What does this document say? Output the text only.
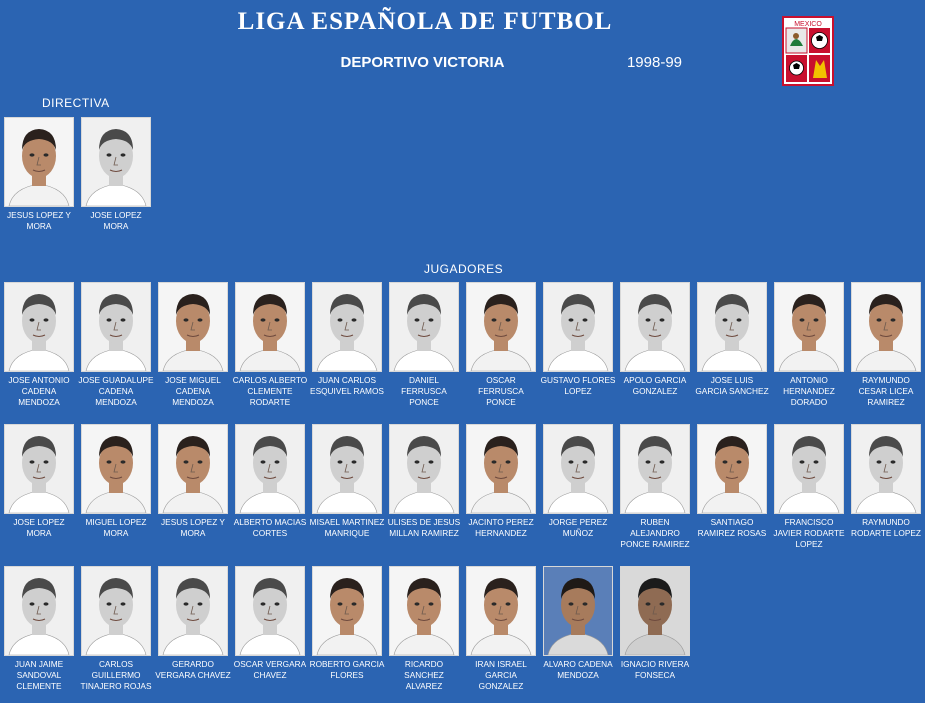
LIGA ESPAÑOLA DE FUTBOL
DEPORTIVO VICTORIA	1998-99
MEXICO
DIRECTIVA
JUGADORES
JESUS LOPEZ Y MORA
JOSE LOPEZ MORA
JOSE ANTONIO CADENA MENDOZA
JOSE GUADALUPE CADENA MENDOZA
JOSE MIGUEL CADENA MENDOZA
CARLOS ALBERTO CLEMENTE RODARTE
JUAN CARLOS ESQUIVEL RAMOS
DANIEL FERRUSCA PONCE
OSCAR FERRUSCA PONCE
GUSTAVO FLORES LOPEZ
APOLO GARCIA GONZALEZ
JOSE LUIS GARCIA SANCHEZ
ANTONIO HERNANDEZ DORADO
RAYMUNDO CESAR LICEA RAMIREZ
JOSE LOPEZ MORA
MIGUEL LOPEZ MORA
JESUS LOPEZ Y MORA
ALBERTO MACIAS CORTES
MISAEL MARTINEZ MANRIQUE
ULISES DE JESUS MILLAN RAMIREZ
JACINTO PEREZ HERNANDEZ
JORGE PEREZ MUÑOZ
RUBEN ALEJANDRO PONCE RAMIREZ
SANTIAGO RAMIREZ ROSAS
FRANCISCO JAVIER RODARTE LOPEZ
RAYMUNDO RODARTE LOPEZ
JUAN JAIME SANDOVAL CLEMENTE
CARLOS GUILLERMO TINAJERO ROJAS
GERARDO VERGARA CHAVEZ
OSCAR VERGARA CHAVEZ
ROBERTO GARCIA FLORES
RICARDO SANCHEZ ALVAREZ
IRAN ISRAEL GARCIA GONZALEZ
ALVARO CADENA MENDOZA
IGNACIO RIVERA FONSECA
